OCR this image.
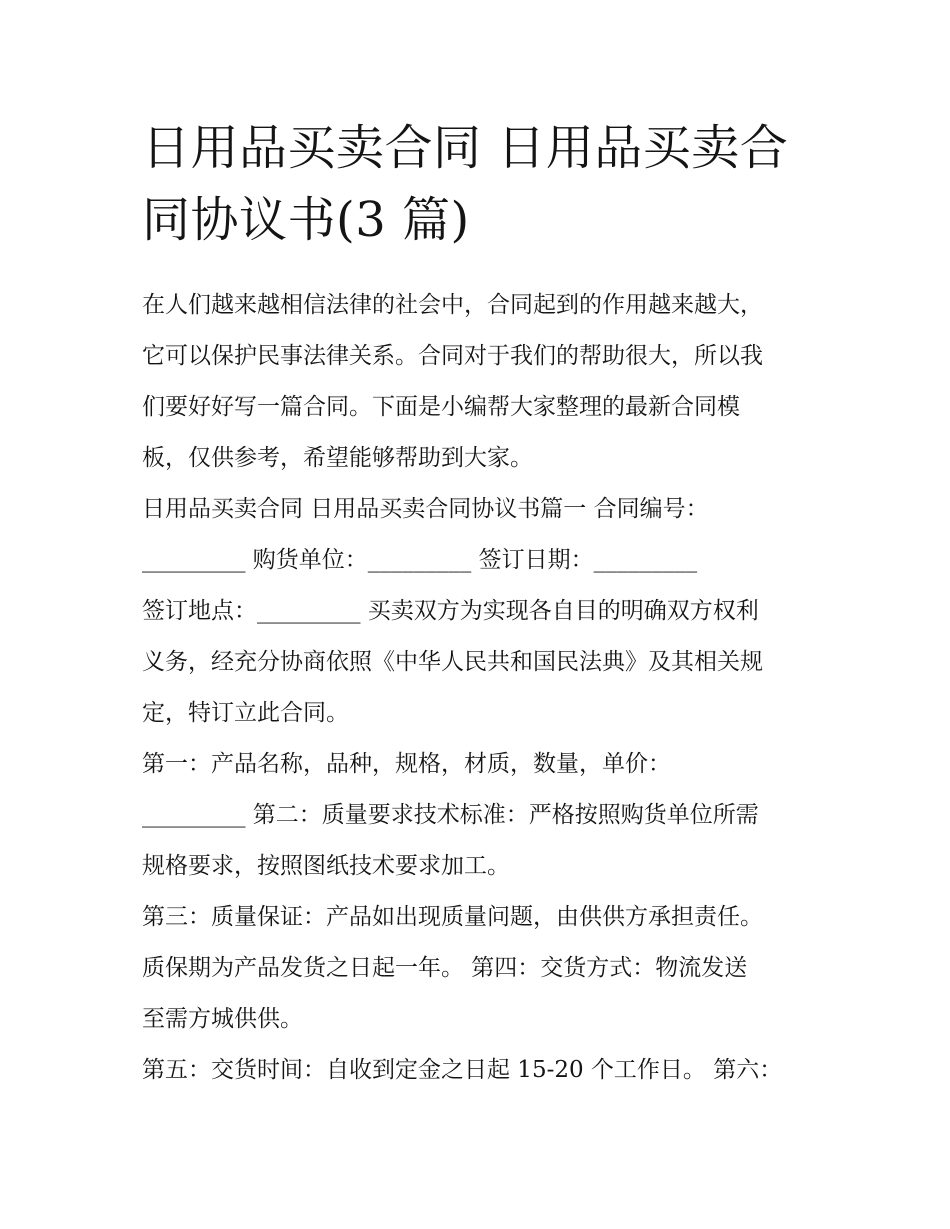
日用品买卖合同 日用品买卖合
同协议书(3 篇)
在人们越来越相信法律的社会中，合同起到的作用越来越大，
它可以保护民事法律关系。合同对于我们的帮助很大，所以我
们要好好写一篇合同。下面是小编帮大家整理的最新合同模
板，仅供参考，希望能够帮助到大家。
日用品买卖合同 日用品买卖合同协议书篇一 合同编号：
_________ 购货单位：_________ 签订日期：_________
签订地点：_________ 买卖双方为实现各自目的明确双方权利
义务，经充分协商依照《中华人民共和国民法典》及其相关规
定，特订立此合同。
第一：产品名称，品种，规格，材质，数量，单价：
_________ 第二：质量要求技术标准：严格按照购货单位所需
规格要求，按照图纸技术要求加工。
第三：质量保证：产品如出现质量问题，由供供方承担责任。
质保期为产品发货之日起一年。 第四：交货方式：物流发送
至需方城供供。
第五：交货时间：自收到定金之日起 15-20 个工作日。 第六：
